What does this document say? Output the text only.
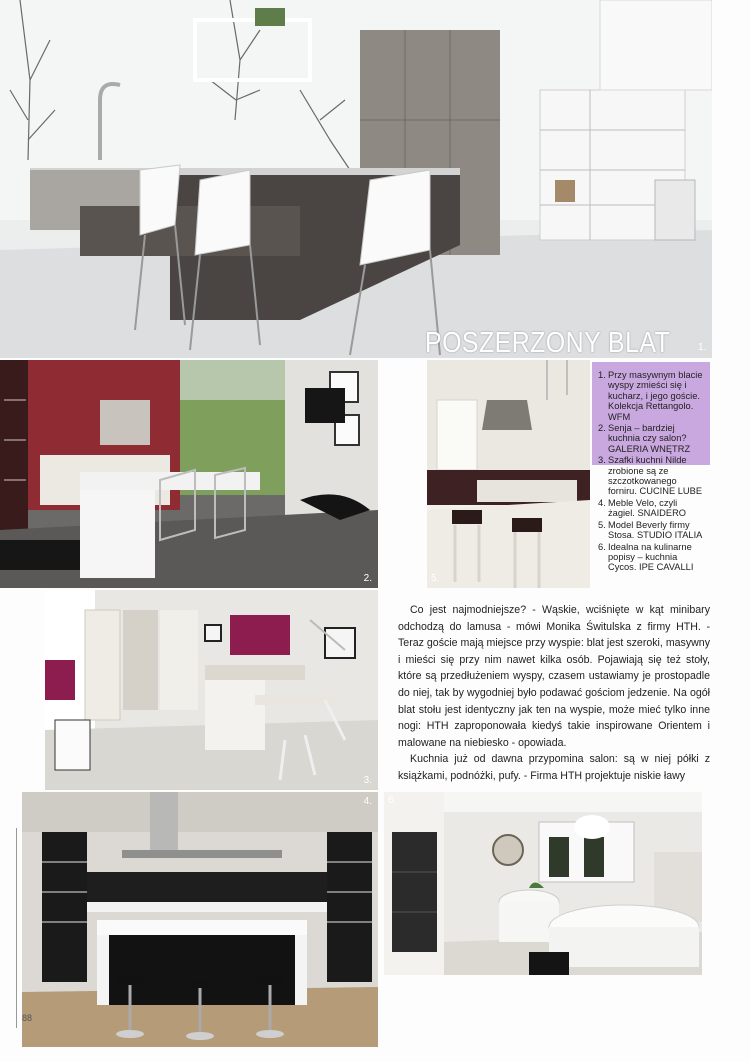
POSZERZONY BLAT
2.	5.
1. Przy masywnym blacie wyspy zmieści się i kucharz, i jego goście. Kolekcja Rettangolo. WFM
2. Senja – bardziej kuchnia czy salon? GALERIA WNĘTRZ
3. Szafki kuchni Nilde zrobione są ze szczotkowanego forniru. CUCINE LUBE
4. Meble Velo, czyli żagiel. SNAIDERO
5. Model Beverly firmy Stosa. STUDIO ITALIA
6. Idealna na kulinarne popisy – kuchnia Cycos. IPE CAVALLI
3.

Co jest najmodniejsze? - Wąskie, wciśnięte w kąt minibary odchodzą do lamusa - mówi Monika Świtulska z firmy HTH. - Teraz goście mają miejsce przy wyspie: blat jest szeroki, masywny i mieści się przy nim nawet kilka osób. Pojawiają się też stoły, które są przedłużeniem wyspy, czasem ustawiamy je prostopadle do niej, tak by wygodniej było podawać gościom jedzenie. Na ogół blat stołu jest identyczny jak ten na wyspie, może mieć tylko inne nogi: HTH zaproponowała kiedyś takie inspirowane Orientem i malowane na niebiesko - opowiada.

Kuchnia już od dawna przypomina salon: są w niej półki z książkami, podnóżki, pufy. - Firma HTH projektuje niskie ławy

4. 6.
1.
88
